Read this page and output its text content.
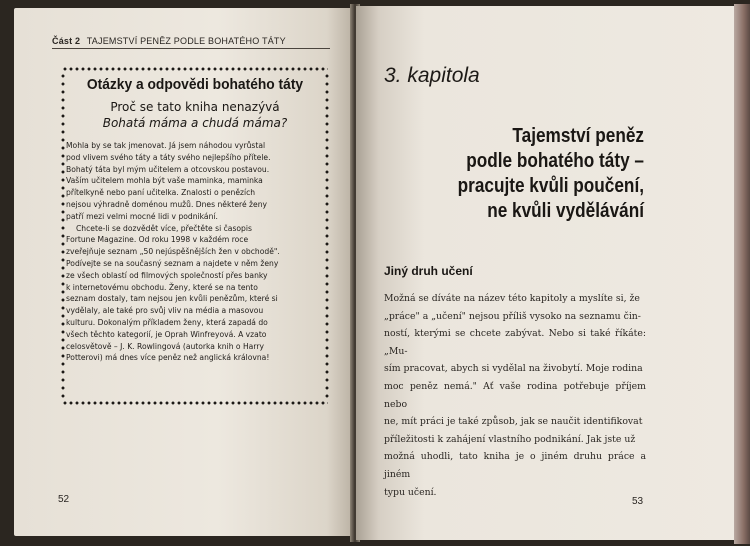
Část 2 TAJEMSTVÍ PENĚZ PODLE BOHATÉHO TÁTY
Otázky a odpovědi bohatého táty
Proč se tato kniha nenazývá
Bohatá máma a chudá máma?
Mohla by se tak jmenovat. Já jsem náhodou vyrůstal
pod vlivem svého táty a táty svého nejlepšího přítele.
Bohatý táta byl mým učitelem a otcovskou postavou.
Vaším učitelem mohla být vaše maminka, maminka
přítelkyně nebo paní učitelka. Znalosti o penězích
nejsou výhradně doménou mužů. Dnes některé ženy
patří mezi velmi mocné lidi v podnikání.
Chcete-li se dozvědět více, přečtěte si časopis
Fortune Magazine. Od roku 1998 v každém roce
zveřejňuje seznam „50 nejúspěšnějších žen v obchodě".
Podívejte se na současný seznam a najdete v něm ženy
ze všech oblastí od filmových společností přes banky
k internetovému obchodu. Ženy, které se na tento
seznam dostaly, tam nejsou jen kvůli penězům, které si
vydělaly, ale také pro svůj vliv na média a masovou
kulturu. Dokonalým příkladem ženy, která zapadá do
všech těchto kategorií, je Oprah Winfreyová. A vzato
celosvětově – J. K. Rowlingová (autorka knih o Harry
Potterovi) má dnes více peněz než anglická královna!
52
3. kapitola
Tajemství peněz
podle bohatého táty –
pracujte kvůli poučení,
ne kvůli vydělávání
Jiný druh učení
Možná se díváte na název této kapitoly a myslíte si, že
„práce" a „učení" nejsou příliš vysoko na seznamu čin-
ností, kterými se chcete zabývat. Nebo si také říkáte: „Mu-
sím pracovat, abych si vydělal na živobytí. Moje rodina
moc peněz nemá." Ať vaše rodina potřebuje příjem nebo
ne, mít práci je také způsob, jak se naučit identifikovat
příležitosti k zahájení vlastního podnikání. Jak jste už
možná uhodli, tato kniha je o jiném druhu práce a jiném
typu učení.
53
